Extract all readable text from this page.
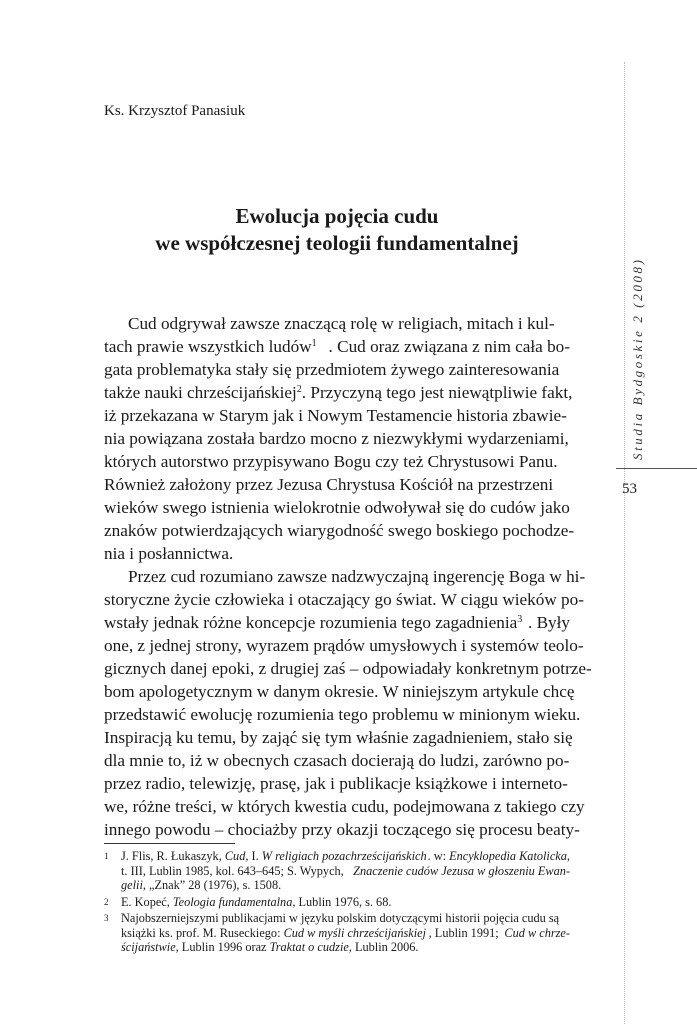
Ks. Krzysztof Panasiuk
Ewolucja pojęcia cudu
we współczesnej teologii fundamentalnej
Cud odgrywał zawsze znaczącą rolę w religiach, mitach i kul-
tach prawie wszystkich ludów$^1$ . Cud oraz związana z nim cała bo-
gata problematyka stały się przedmiotem żywego zainteresowania
także nauki chrześcijańskiej$^2$ . Przyczyną tego jest niewątpliwie fakt,
iż przekazana w Starym jak i Nowym Testamencie historia zbawie-
nia powiązana została bardzo mocno z niezwykłymi wydarzeniami,
których autorstwo przypisywano Bogu czy też Chrystusowi Panu.
Również założony przez Jezusa Chrystusa Kościół na przestrzeni
wieków swego istnienia wielokrotnie odwoływał się do cudów jako
znaków potwierdzających wiarygodność swego boskiego pochodze-
nia i posłannictwa.
Przez cud rozumiano zawsze nadzwyczajną ingerencję Boga w hi-
storyczne życie człowieka i otaczający go świat. W ciągu wieków po-
wstały jednak różne koncepcje rozumienia tego zagadnienia$^3$ . Były
one, z jednej strony, wyrazem prądów umysłowych i systemów teolo-
gicznych danej epoki, z drugiej zaś – odpowiadały konkretnym potrze-
bom apologetycznym w danym okresie. W niniejszym artykule chcę
przedstawić ewolucję rozumienia tego problemu w minionym wieku.
Inspiracją ku temu, by zająć się tym właśnie zagadnieniem, stało się
dla mnie to, iż w obecnych czasach docierają do ludzi, zarówno po-
przez radio, telewizję, prasę, jak i publikacje książkowe i interneto-
we, różne treści, w których kwestia cudu, podejmowana z takiego czy
innego powodu – chociażby przy okazji toczącego się procesu beaty-
1 J. Flis, R. Łukaszyk, Cud, I. W religiach pozachrześcijańskich . w: Encyklopedia Katolicka,
t. III, Lublin 1985, kol. 643–645; S. Wypych, Znaczenie cudów Jezusa w głoszeniu Ewan-
gelii , „Znak” 28 (1976), s. 1508.
2 E. Kopeć, Teologia fundamentalna , Lublin 1976, s. 68.
3 Najobszerniejszymi publikacjami w języku polskim dotyczącymi historii pojęcia cudu są
książki ks. prof. M. Ruseckiego: Cud w myśli chrześcijańskiej , Lublin 1991; Cud w chrze-
ścijaństwie , Lublin 1996 oraz Traktat o cudzie , Lublin 2006.
Studia Bydgoskie 2 (2008)
53
